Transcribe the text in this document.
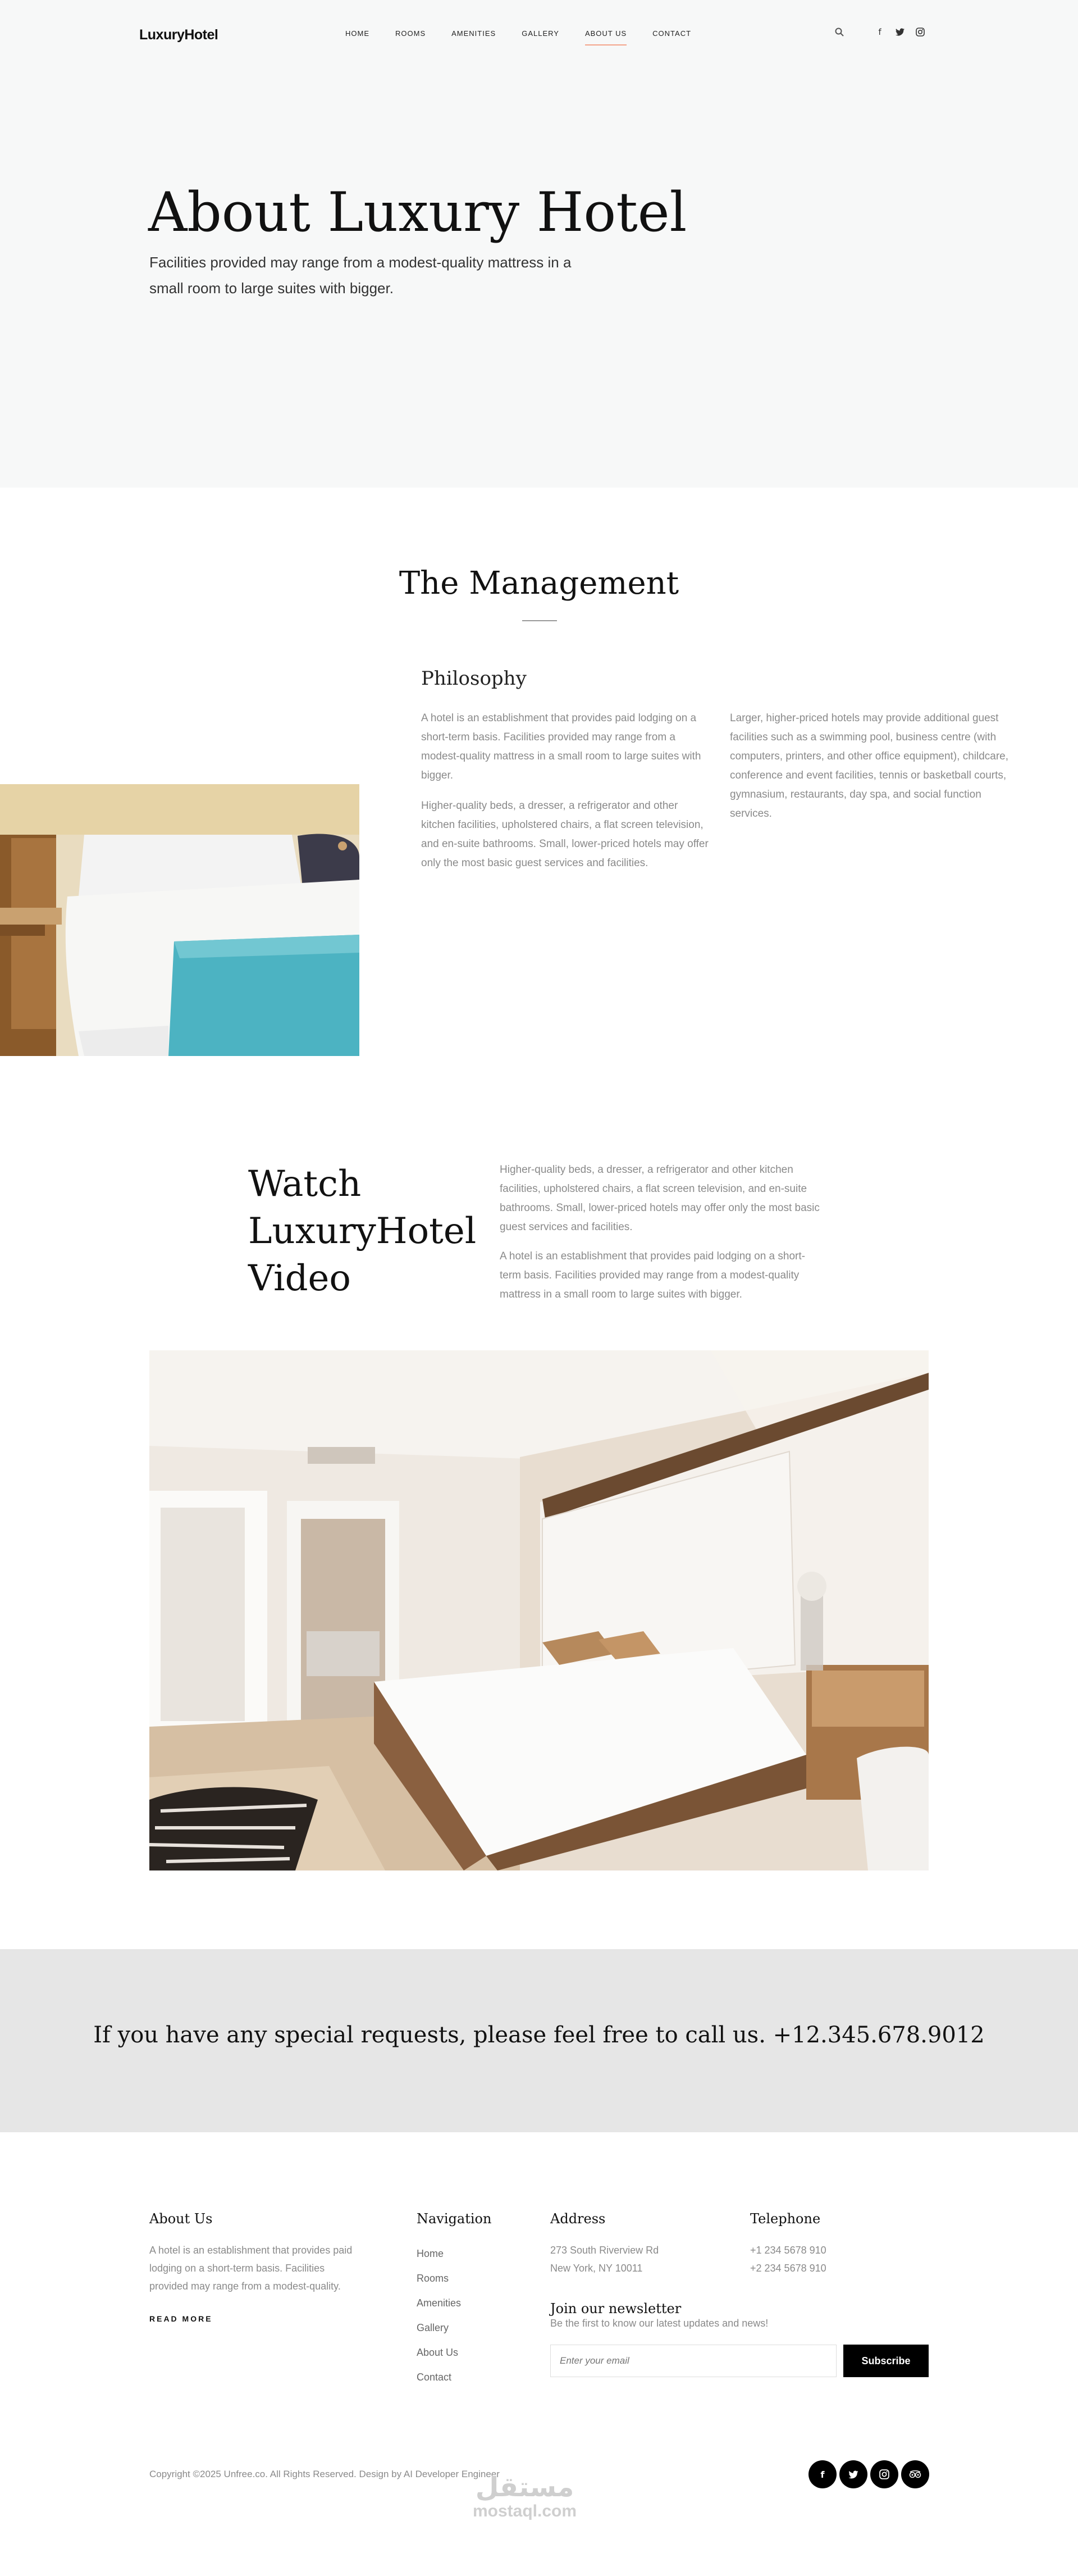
LuxuryHotel	HOME	ROOMS	AMENITIES	GALLERY	ABOUT US	CONTACT	f
About Luxury Hotel

Facilities provided may range from a modest-quality mattress in a small room to large suites with bigger.

The Management
Philosophy

A hotel is an establishment that provides paid lodging on a short-term basis. Facilities provided may range from a modest-quality mattress in a small room to large suites with bigger.

Higher-quality beds, a dresser, a refrigerator and other kitchen facilities, upholstered chairs, a flat screen television, and en-suite bathrooms. Small, lower-priced hotels may offer only the most basic guest services and facilities.

Larger, higher-priced hotels may provide additional guest facilities such as a swimming pool, business centre (with computers, printers, and other office equipment), childcare, conference and event facilities, tennis or basketball courts, gymnasium, restaurants, day spa, and social function services.

Watch
LuxuryHotel
Video

Higher-quality beds, a dresser, a refrigerator and other kitchen facilities, upholstered chairs, a flat screen television, and en-suite bathrooms. Small, lower-priced hotels may offer only the most basic guest services and facilities.

A hotel is an establishment that provides paid lodging on a short-term basis. Facilities provided may range from a modest-quality mattress in a small room to large suites with bigger.

If you have any special requests, please feel free to call us. +12.345.678.9012
About Us
A hotel is an establishment that provides paid lodging on a short-term basis. Facilities provided may range from a modest-quality.
READ MORE
Navigation
Home
Rooms
Amenities
Gallery
About Us
Contact
Address
273 South Riverview Rd
New York, NY 10011
Telephone
+1 234 5678 910
+2 234 5678 910
Join our newsletter
Be the first to know our latest updates and news!
Enter your email
Subscribe
Copyright ©2025 Unfree.co. All Rights Reserved. Design by AI Developer Engineer
مستقل
mostaql.com
f
